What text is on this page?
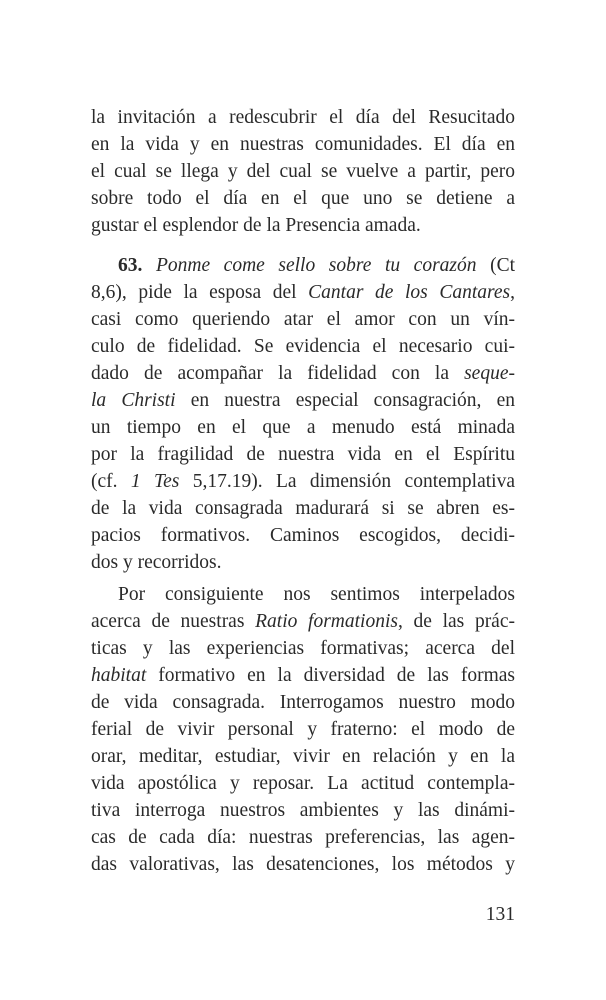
la invitación a redescubrir el día del Resucitado
en la vida y en nuestras comunidades. El día en
el cual se llega y del cual se vuelve a partir, pero
sobre todo el día en el que uno se detiene a
gustar el esplendor de la Presencia amada.
63. Ponme come sello sobre tu corazón (Ct
8,6), pide la esposa del Cantar de los Cantares,
casi como queriendo atar el amor con un vín-
culo de fidelidad. Se evidencia el necesario cui-
dado de acompañar la fidelidad con la seque-
la Christi en nuestra especial consagración, en
un tiempo en el que a menudo está minada
por la fragilidad de nuestra vida en el Espíritu
(cf. 1 Tes 5,17.19). La dimensión contemplativa
de la vida consagrada madurará si se abren es-
pacios formativos. Caminos escogidos, decidi-
dos y recorridos.
Por consiguiente nos sentimos interpelados
acerca de nuestras Ratio formationis, de las prác-
ticas y las experiencias formativas; acerca del
habitat formativo en la diversidad de las formas
de vida consagrada. Interrogamos nuestro modo
ferial de vivir personal y fraterno: el modo de
orar, meditar, estudiar, vivir en relación y en la
vida apostólica y reposar. La actitud contempla-
tiva interroga nuestros ambientes y las dinámi-
cas de cada día: nuestras preferencias, las agen-
das valorativas, las desatenciones, los métodos y
131
